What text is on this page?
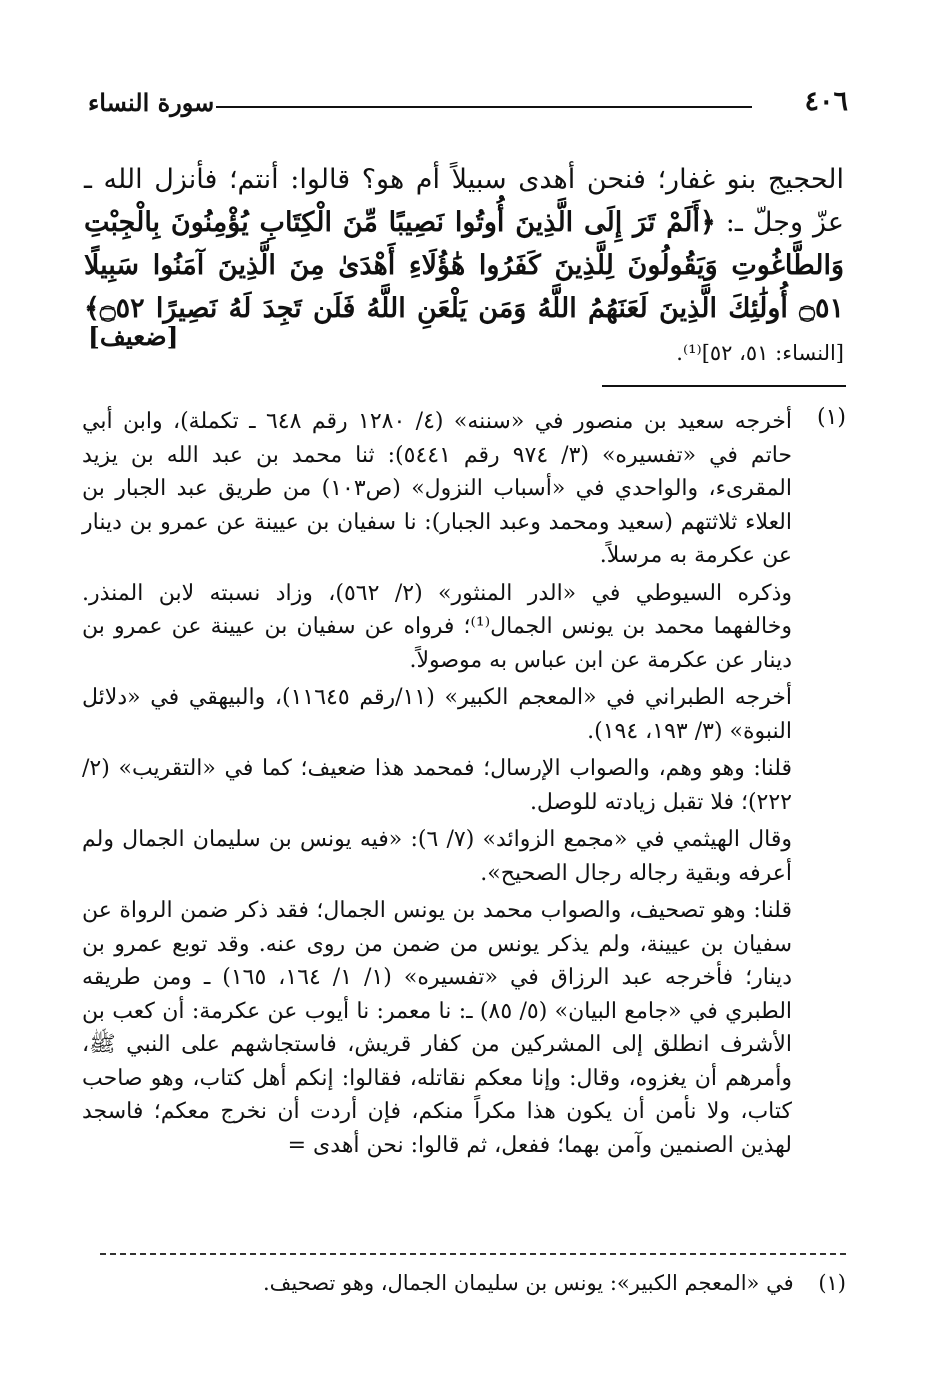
٤٠٦
سورة النساء
الحجيج بنو غفار؛ فنحن أهدى سبيلاً أم هو؟ قالوا: أنتم؛ فأنزل الله ـ عزّ وجلّ ـ: ﴿أَلَمْ تَرَ إِلَى الَّذِينَ أُوتُوا نَصِيبًا مِّنَ الْكِتَابِ يُؤْمِنُونَ بِالْجِبْتِ وَالطَّاغُوتِ وَيَقُولُونَ لِلَّذِينَ كَفَرُوا هَٰؤُلَاءِ أَهْدَىٰ مِنَ الَّذِينَ آمَنُوا سَبِيلًا ۝٥١ أُولَٰئِكَ الَّذِينَ لَعَنَهُمُ اللَّهُ وَمَن يَلْعَنِ اللَّهُ فَلَن تَجِدَ لَهُ نَصِيرًا ۝٥٢﴾ [النساء: ٥١، ٥٢]⁽¹⁾.
[ضعيف]
(١)

أخرجه سعيد بن منصور في «سننه» (٤/ ١٢٨٠ رقم ٦٤٨ ـ تكملة)، وابن أبي حاتم في «تفسيره» (٣/ ٩٧٤ رقم ٥٤٤١): ثنا محمد بن عبد الله بن يزيد المقرىء، والواحدي في «أسباب النزول» (ص١٠٣) من طريق عبد الجبار بن العلاء ثلاثتهم (سعيد ومحمد وعبد الجبار): نا سفيان بن عيينة عن عمرو بن دينار عن عكرمة به مرسلاً.

وذكره السيوطي في «الدر المنثور» (٢/ ٥٦٢)، وزاد نسبته لابن المنذر. وخالفهما محمد بن يونس الجمال⁽¹⁾؛ فرواه عن سفيان بن عيينة عن عمرو بن دينار عن عكرمة عن ابن عباس به موصولاً.

أخرجه الطبراني في «المعجم الكبير» (١١/رقم ١١٦٤٥)، والبيهقي في «دلائل النبوة» (٣/ ١٩٣، ١٩٤).

قلنا: وهو وهم، والصواب الإرسال؛ فمحمد هذا ضعيف؛ كما في «التقريب» (٢/ ٢٢٢)؛ فلا تقبل زيادته للوصل.

وقال الهيثمي في «مجمع الزوائد» (٧/ ٦): «فيه يونس بن سليمان الجمال ولم أعرفه وبقية رجاله رجال الصحيح».

قلنا: وهو تصحيف، والصواب محمد بن يونس الجمال؛ فقد ذكر ضمن الرواة عن سفيان بن عيينة، ولم يذكر يونس من ضمن من روى عنه. وقد توبع عمرو بن دينار؛ فأخرجه عبد الرزاق في «تفسيره» (١/ ١/ ١٦٤، ١٦٥) ـ ومن طريقه الطبري في «جامع البيان» (٥/ ٨٥) ـ: نا معمر: نا أيوب عن عكرمة: أن كعب بن الأشرف انطلق إلى المشركين من كفار قريش، فاستجاشهم على النبي ﷺ، وأمرهم أن يغزوه، وقال: وإنا معكم نقاتله، فقالوا: إنكم أهل كتاب، وهو صاحب كتاب، ولا نأمن أن يكون هذا مكراً منكم، فإن أردت أن نخرج معكم؛ فاسجد لهذين الصنمين وآمن بهما؛ ففعل، ثم قالوا: نحن أهدى =

(١) في «المعجم الكبير»: يونس بن سليمان الجمال، وهو تصحيف.
